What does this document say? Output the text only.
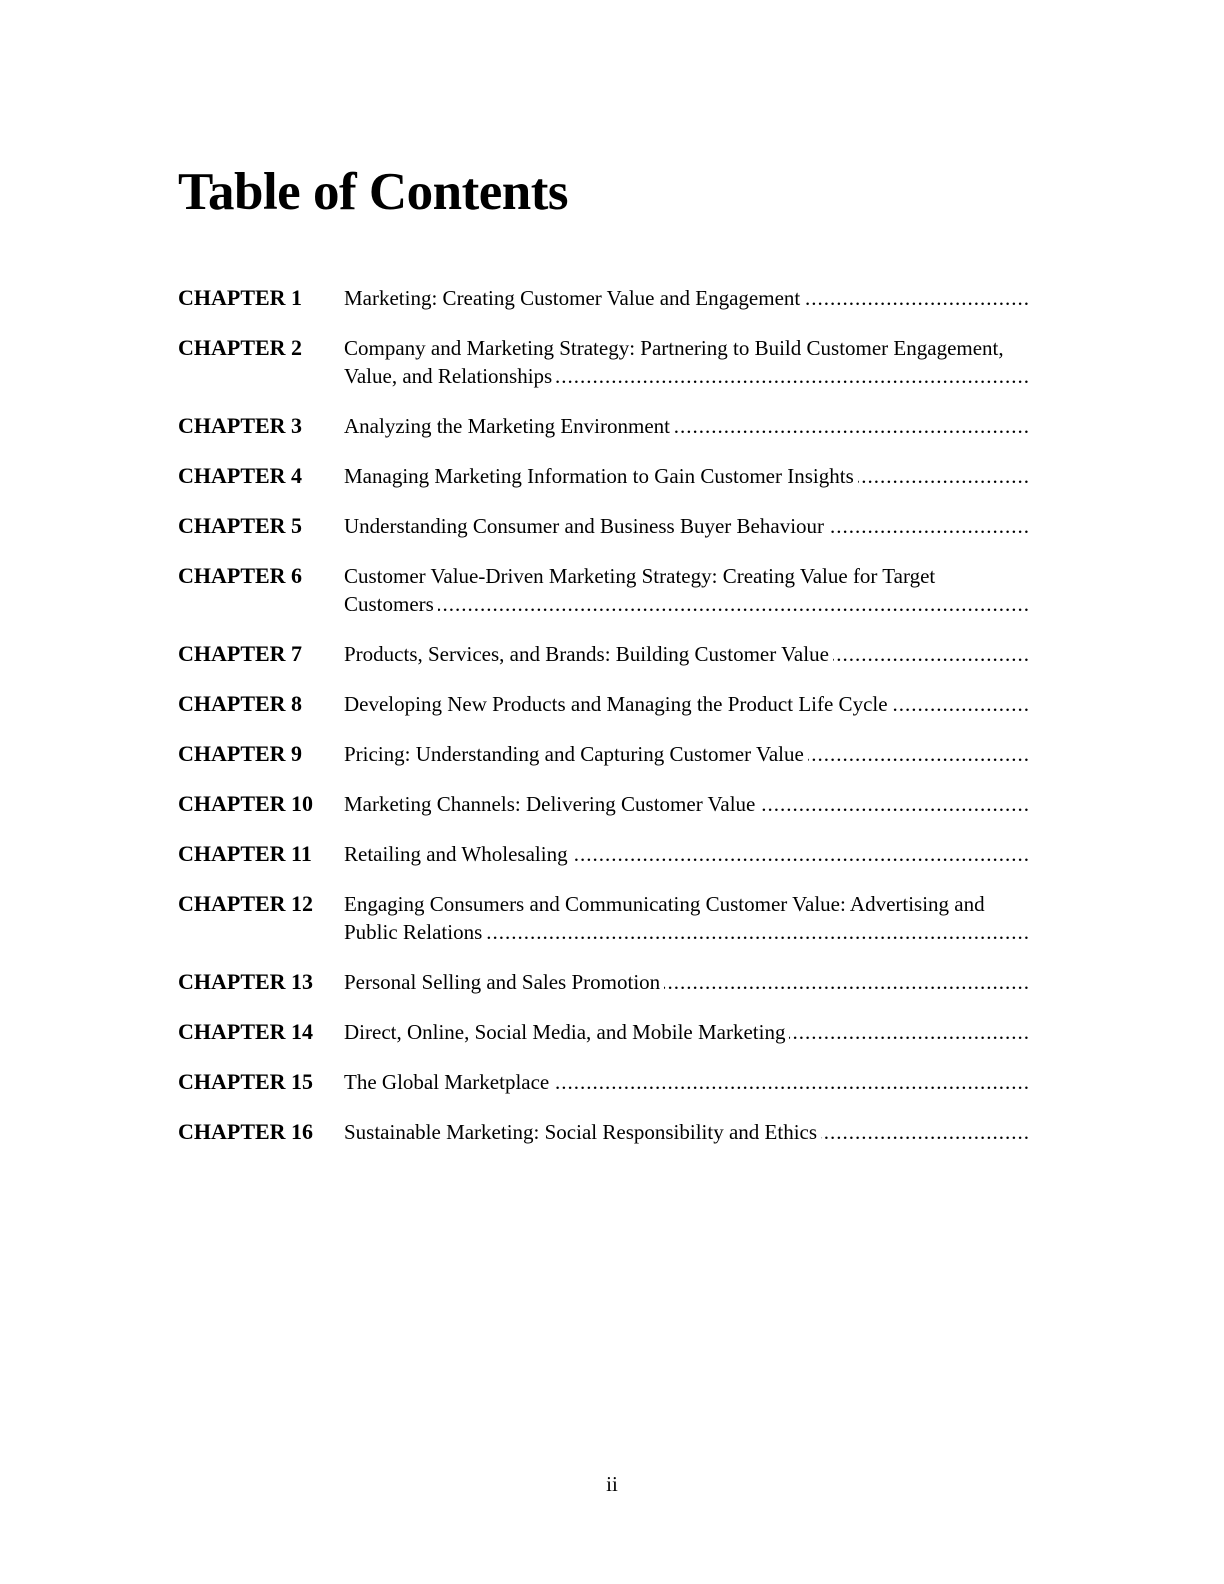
Table of Contents
CHAPTER 1	Marketing: Creating Customer Value and Engagement .....
CHAPTER 2	Company and Marketing Strategy: Partnering to Build Customer Engagement, Value, and Relationships .....
CHAPTER 3	Analyzing the Marketing Environment .....
CHAPTER 4	Managing Marketing Information to Gain Customer Insights .....
CHAPTER 5	Understanding Consumer and Business Buyer Behaviour .....
CHAPTER 6	Customer Value-Driven Marketing Strategy: Creating Value for Target Customers .....
CHAPTER 7	Products, Services, and Brands: Building Customer Value .....
CHAPTER 8	Developing New Products and Managing the Product Life Cycle .....
CHAPTER 9	Pricing: Understanding and Capturing Customer Value .....
CHAPTER 10	Marketing Channels: Delivering Customer Value .....
CHAPTER 11	Retailing and Wholesaling .....
CHAPTER 12	Engaging Consumers and Communicating Customer Value: Advertising and Public Relations .....
CHAPTER 13	Personal Selling and Sales Promotion .....
CHAPTER 14	Direct, Online, Social Media, and Mobile Marketing .....
CHAPTER 15	The Global Marketplace .....
CHAPTER 16	Sustainable Marketing: Social Responsibility and Ethics .....
ii
